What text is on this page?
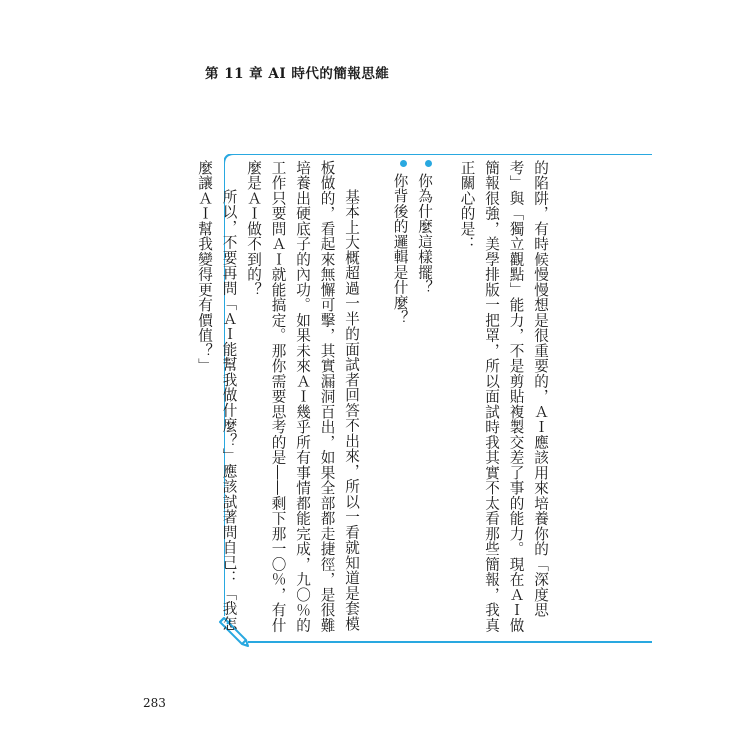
第 11 章 AI 時代的簡報思維

的陷阱，有時候慢慢想是很重要的，ＡＩ應該用來培養你的「深度思考」與「獨立觀點」能力，不是剪貼複製交差了事的能力。現在ＡＩ做簡報很強，美學排版一把罩，所以面試時我其實不太看那些簡報，我真正關心的是：

你為什麼這樣擺？
你背後的邏輯是什麼？

基本上大概超過一半的面試者回答不出來，所以一看就知道是套模板做的，看起來無懈可擊，其實漏洞百出，如果全部都走捷徑，是很難培養出硬底子的內功。如果未來ＡＩ幾乎所有事情都能完成，九〇％的工作只要問ＡＩ就能搞定。那你需要思考的是――剩下那一〇％，有什麼是ＡＩ做不到的？

所以，不要再問「ＡＩ能幫我做什麼？」應該試著問自己：「我怎麼讓ＡＩ幫我變得更有價值？」

283
